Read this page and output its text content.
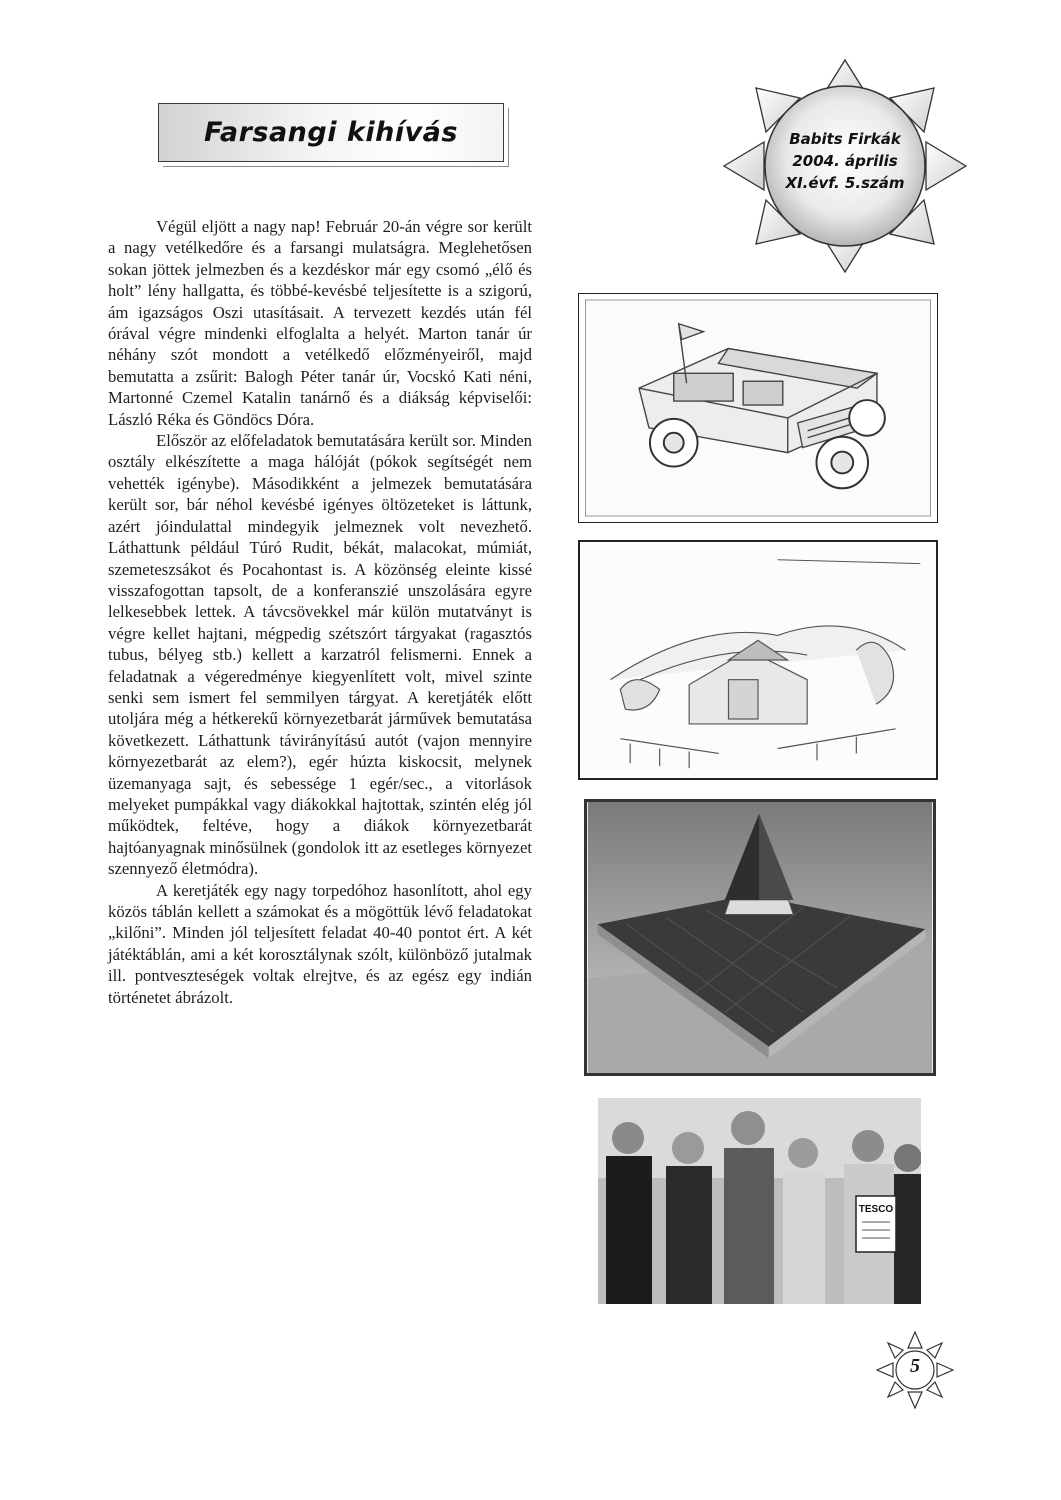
Farsangi kihívás	Babits Firkák
2004. április
XI.évf. 5.szám

Végül eljött a nagy nap! Február 20-án végre sor került a nagy vetélkedőre és a farsangi mulatságra. Meglehetősen sokan jöttek jelmezben és a kezdéskor már egy csomó „élő és holt” lény hallgatta, és többé-kevésbé teljesítette is a szigorú, ám igazságos Oszi utasításait. A tervezett kezdés után fél órával végre mindenki elfoglalta a helyét. Marton tanár úr néhány szót mondott a vetélkedő előzményeiről, majd bemutatta a zsűrit: Balogh Péter tanár úr, Vocskó Kati néni, Martonné Czemel Katalin tanárnő és a diákság képviselői: László Réka és Göndöcs Dóra.

Először az előfeladatok bemutatására került sor. Minden osztály elkészítette a maga hálóját (pókok segítségét nem vehették igénybe). Másodikként a jelmezek bemutatására került sor, bár néhol kevésbé igényes öltözeteket is láttunk, azért jóindulattal mindegyik jelmeznek volt nevezhető. Láthattunk például Túró Rudit, békát, malacokat, múmiát, szemeteszsákot és Pocahontast is. A közönség eleinte kissé visszafogottan tapsolt, de a konferanszié unszolására egyre lelkesebbek lettek. A távcsövekkel már külön mutatványt is végre kellet hajtani, mégpedig szétszórt tárgyakat (ragasztós tubus, bélyeg stb.) kellett a karzatról felismerni. Ennek a feladatnak a végeredménye kiegyenlített volt, mivel szinte senki sem ismert fel semmilyen tárgyat. A keretjáték előtt utoljára még a hétkerekű környezetbarát járművek bemutatása következett. Láthattunk távirányítású autót (vajon mennyire környezetbarát az elem?), egér húzta kiskocsit, melynek üzemanyaga sajt, és sebessége 1 egér/sec., a vitorlások melyeket pumpákkal vagy diákokkal hajtottak, szintén elég jól működtek, feltéve, hogy a diákok környezetbarát hajtóanyagnak minősülnek (gondolok itt az esetleges környezet szennyező életmódra).

A keretjáték egy nagy torpedóhoz hasonlított, ahol egy közös táblán kellett a számokat és a mögöttük lévő feladatokat „kilőni”. Minden jól teljesített feladat 40-40 pontot ért. A két játéktáblán, ami a két korosztálynak szólt, különböző jutalmak ill. pontveszteségek voltak elrejtve, és az egész egy indián történetet ábrázolt.

TESCO
5
